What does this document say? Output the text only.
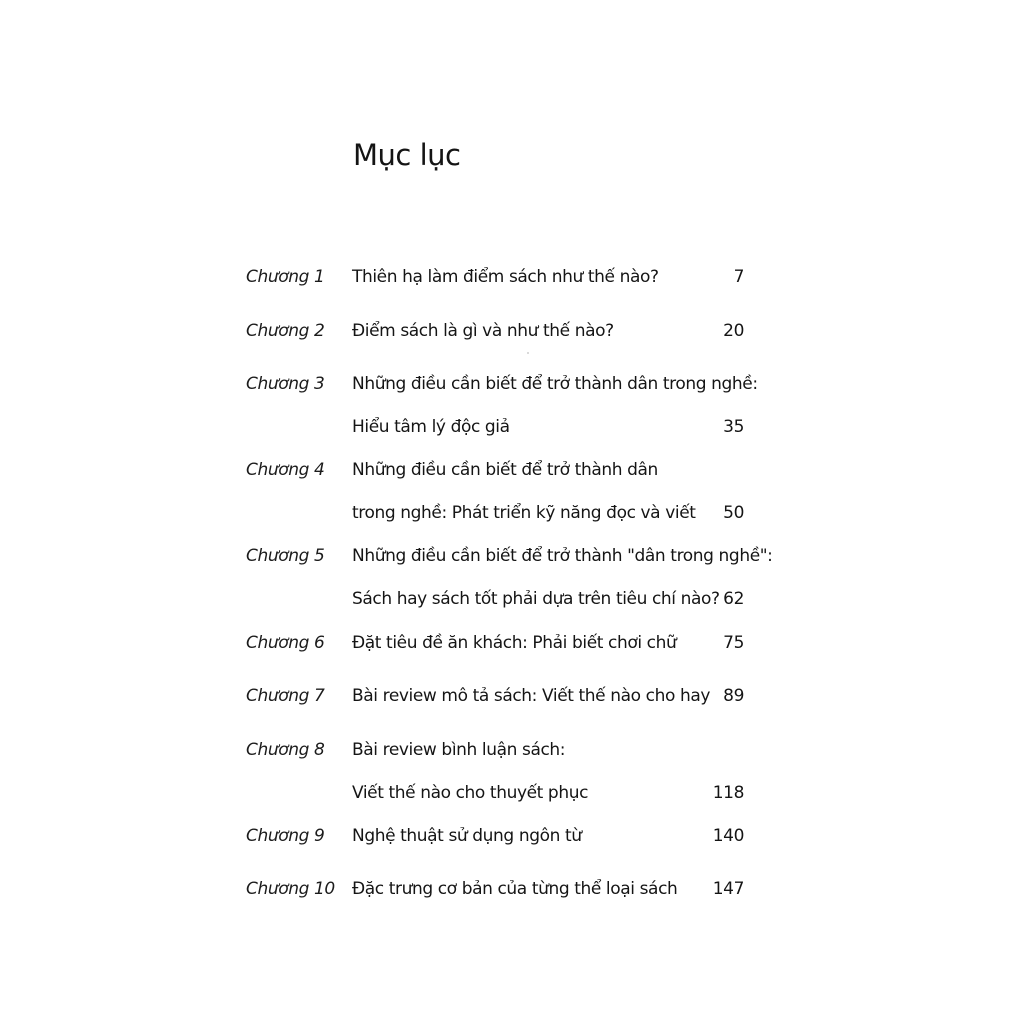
Mục lục
Chương 1 Thiên hạ làm điểm sách như thế nào?	7
Chương 2 Điểm sách là gì và như thế nào?	20
Chương 3 Những điều cần biết để trở thành dân trong nghề:
Hiểu tâm lý độc giả	35
Chương 4 Những điều cần biết để trở thành dân
trong nghề: Phát triển kỹ năng đọc và viết 50
Chương 5 Những điều cần biết để trở thành "dân trong nghề":
Sách hay sách tốt phải dựa trên tiêu chí nào? 62
Chương 6 Đặt tiêu đề ăn khách: Phải biết chơi chữ	75
Chương 7 Bài review mô tả sách: Viết thế nào cho hay 89
Chương 8 Bài review bình luận sách:
Viết thế nào cho thuyết phục	118
Chương 9 Nghệ thuật sử dụng ngôn từ	140
Chương 10 Đặc trưng cơ bản của từng thể loại sách 147
